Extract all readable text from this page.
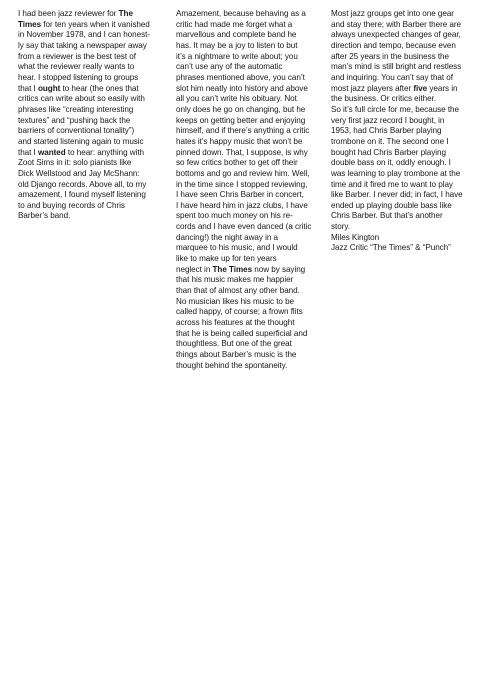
I had been jazz reviewer for The
Times for ten years when it vanished
in November 1978, and I can honest-
ly say that taking a newspaper away
from a reviewer is the best test of
what the reviewer really wants to
hear. I stopped listening to groups
that I ought to hear (the ones that
critics can write about so easily with
phrases like “creating interesting
textures” and “pushing back the
barriers of conventional tonality”)
and started listening again to music
that I wanted to hear: anything with
Zoot Sims in it: solo pianists like
Dick Wellstood and Jay McShann:
old Django records. Above all, to my
amazement, I found myself listening
to and buying records of Chris
Barber’s band.
Amazement, because behaving as a
critic had made me forget what a
marvellous and complete band he
has. It may be a joy to listen to but
it’s a nightmare to write about; you
can’t use any of the automatic
phrases mentioned above, you can’t
slot him neatly into history and above
all you can’t write his obituary. Not
only does he go on changing, but he
keeps on getting better and enjoying
himself, and if there’s anything a critic
hates it’s happy music that won’t be
pinned down. That, I suppose, is why
so few critics bother to get off their
bottoms and go and review him. Well,
in the time since I stopped reviewing,
I have seen Chris Barber in concert,
I have heard him in jazz clubs, I have
spent too much money on his re-
cords and I have even danced (a critic
dancing!) the night away in a
marquee to his music, and I would
like to make up for ten years
neglect in The Times now by saying
that his music makes me happier
than that of almost any other band.
No musician likes his music to be
called happy, of course; a frown flits
across his features at the thought
that he is being called superficial and
thoughtless. But one of the great
things about Barber’s music is the
thought behind the spontaneity.
Most jazz groups get into one gear
and stay there; with Barber there are
always unexpected changes of gear,
direction and tempo, because even
after 25 years in the business the
man’s mind is still bright and restless
and inquiring. You can’t say that of
most jazz players after five years in
the business. Or critics either.
So it’s full circle for me, because the
very first jazz record I bought, in
1953, had Chris Barber playing
trombone on it. The second one I
bought had Chris Barber playing
double bass on it, oddly enough. I
was learning to play trombone at the
time and it fired me to want to play
like Barber. I never did; in fact, I have
ended up playing double bass like
Chris Barber. But that’s another
story.
Miles Kington
Jazz Critic “The Times” & “Punch”
